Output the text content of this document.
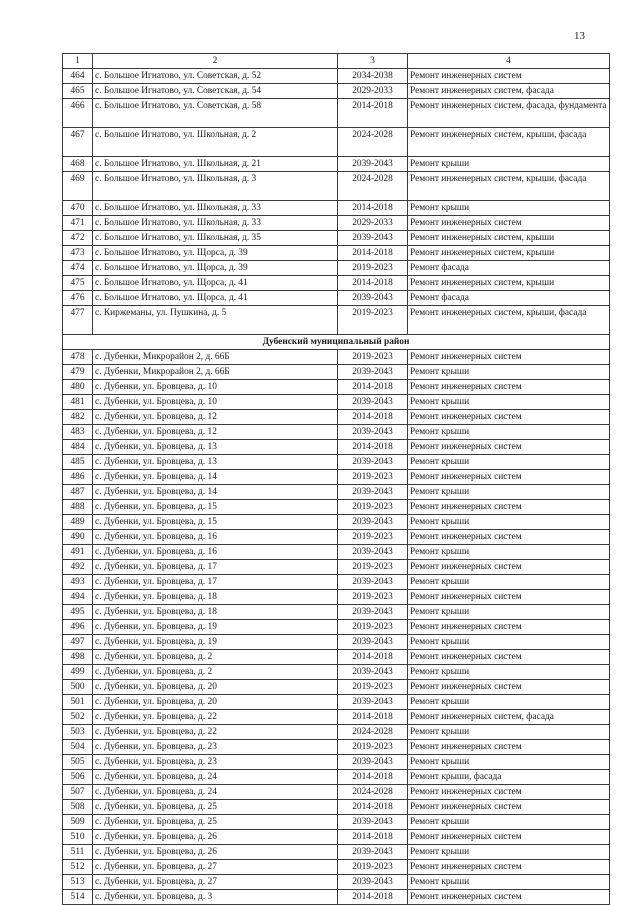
13
1	2	3	4
464	с. Большое Игнатово, ул. Советская, д. 52	2034-2038	Ремонт инженерных систем
465	с. Большое Игнатово, ул. Советская, д. 54	2029-2033	Ремонт инженерных систем, фасада
466	с. Большое Игнатово, ул. Советская, д. 58	2014-2018	Ремонт инженерных систем, фасада, фундамента
467	с. Большое Игнатово, ул. Школьная, д. 2	2024-2028	Ремонт инженерных систем, крыши, фасада
468	с. Большое Игнатово, ул. Школьная, д. 21	2039-2043	Ремонт крыши
469	с. Большое Игнатово, ул. Школьная, д. 3	2024-2028	Ремонт инженерных систем, крыши, фасада
470	с. Большое Игнатово, ул. Школьная, д. 33	2014-2018	Ремонт крыши
471	с. Большое Игнатово, ул. Школьная, д. 33	2029-2033	Ремонт инженерных систем
472	с. Большое Игнатово, ул. Школьная, д. 35	2039-2043	Ремонт инженерных систем, крыши
473	с. Большое Игнатово, ул. Щорса, д. 39	2014-2018	Ремонт инженерных систем, крыши
474	с. Большое Игнатово, ул. Щорса, д. 39	2019-2023	Ремонт фасада
475	с. Большое Игнатово, ул. Щорса, д. 41	2014-2018	Ремонт инженерных систем, крыши
476	с. Большое Игнатово, ул. Щорса, д. 41	2039-2043	Ремонт фасада
477	с. Киржеманы, ул. Пушкина, д. 5	2019-2023	Ремонт инженерных систем, крыши, фасада
Дубенский муниципальный район			
478	с. Дубенки, Микрорайон 2, д. 66Б	2019-2023	Ремонт инженерных систем
479	с. Дубенки, Микрорайон 2, д. 66Б	2039-2043	Ремонт крыши
480	с. Дубенки, ул. Бровцева, д. 10	2014-2018	Ремонт инженерных систем
481	с. Дубенки, ул. Бровцева, д. 10	2039-2043	Ремонт крыши
482	с. Дубенки, ул. Бровцева, д. 12	2014-2018	Ремонт инженерных систем
483	с. Дубенки, ул. Бровцева, д. 12	2039-2043	Ремонт крыши
484	с. Дубенки, ул. Бровцева, д. 13	2014-2018	Ремонт инженерных систем
485	с. Дубенки, ул. Бровцева, д. 13	2039-2043	Ремонт крыши
486	с. Дубенки, ул. Бровцева, д. 14	2019-2023	Ремонт инженерных систем
487	с. Дубенки, ул. Бровцева, д. 14	2039-2043	Ремонт крыши
488	с. Дубенки, ул. Бровцева, д. 15	2019-2023	Ремонт инженерных систем
489	с. Дубенки, ул. Бровцева, д. 15	2039-2043	Ремонт крыши
490	с. Дубенки, ул. Бровцева, д. 16	2019-2023	Ремонт инженерных систем
491	с. Дубенки, ул. Бровцева, д. 16	2039-2043	Ремонт крыши
492	с. Дубенки, ул. Бровцева, д. 17	2019-2023	Ремонт инженерных систем
493	с. Дубенки, ул. Бровцева, д. 17	2039-2043	Ремонт крыши
494	с. Дубенки, ул. Бровцева, д. 18	2019-2023	Ремонт инженерных систем
495	с. Дубенки, ул. Бровцева, д. 18	2039-2043	Ремонт крыши
496	с. Дубенки, ул. Бровцева, д. 19	2019-2023	Ремонт инженерных систем
497	с. Дубенки, ул. Бровцева, д. 19	2039-2043	Ремонт крыши
498	с. Дубенки, ул. Бровцева, д. 2	2014-2018	Ремонт инженерных систем
499	с. Дубенки, ул. Бровцева, д. 2	2039-2043	Ремонт крыши
500	с. Дубенки, ул. Бровцева, д. 20	2019-2023	Ремонт инженерных систем
501	с. Дубенки, ул. Бровцева, д. 20	2039-2043	Ремонт крыши
502	с. Дубенки, ул. Бровцева, д. 22	2014-2018	Ремонт инженерных систем, фасада
503	с. Дубенки, ул. Бровцева, д. 22	2024-2028	Ремонт крыши
504	с. Дубенки, ул. Бровцева, д. 23	2019-2023	Ремонт инженерных систем
505	с. Дубенки, ул. Бровцева, д. 23	2039-2043	Ремонт крыши
506	с. Дубенки, ул. Бровцева, д. 24	2014-2018	Ремонт крыши, фасада
507	с. Дубенки, ул. Бровцева, д. 24	2024-2028	Ремонт инженерных систем
508	с. Дубенки, ул. Бровцева, д. 25	2014-2018	Ремонт инженерных систем
509	с. Дубенки, ул. Бровцева, д. 25	2039-2043	Ремонт крыши
510	с. Дубенки, ул. Бровцева, д. 26	2014-2018	Ремонт инженерных систем
511	с. Дубенки, ул. Бровцева, д. 26	2039-2043	Ремонт крыши
512	с. Дубенки, ул. Бровцева, д. 27	2019-2023	Ремонт инженерных систем
513	с. Дубенки, ул. Бровцева, д. 27	2039-2043	Ремонт крыши
514	с. Дубенки, ул. Бровцева, д. 3	2014-2018	Ремонт инженерных систем
